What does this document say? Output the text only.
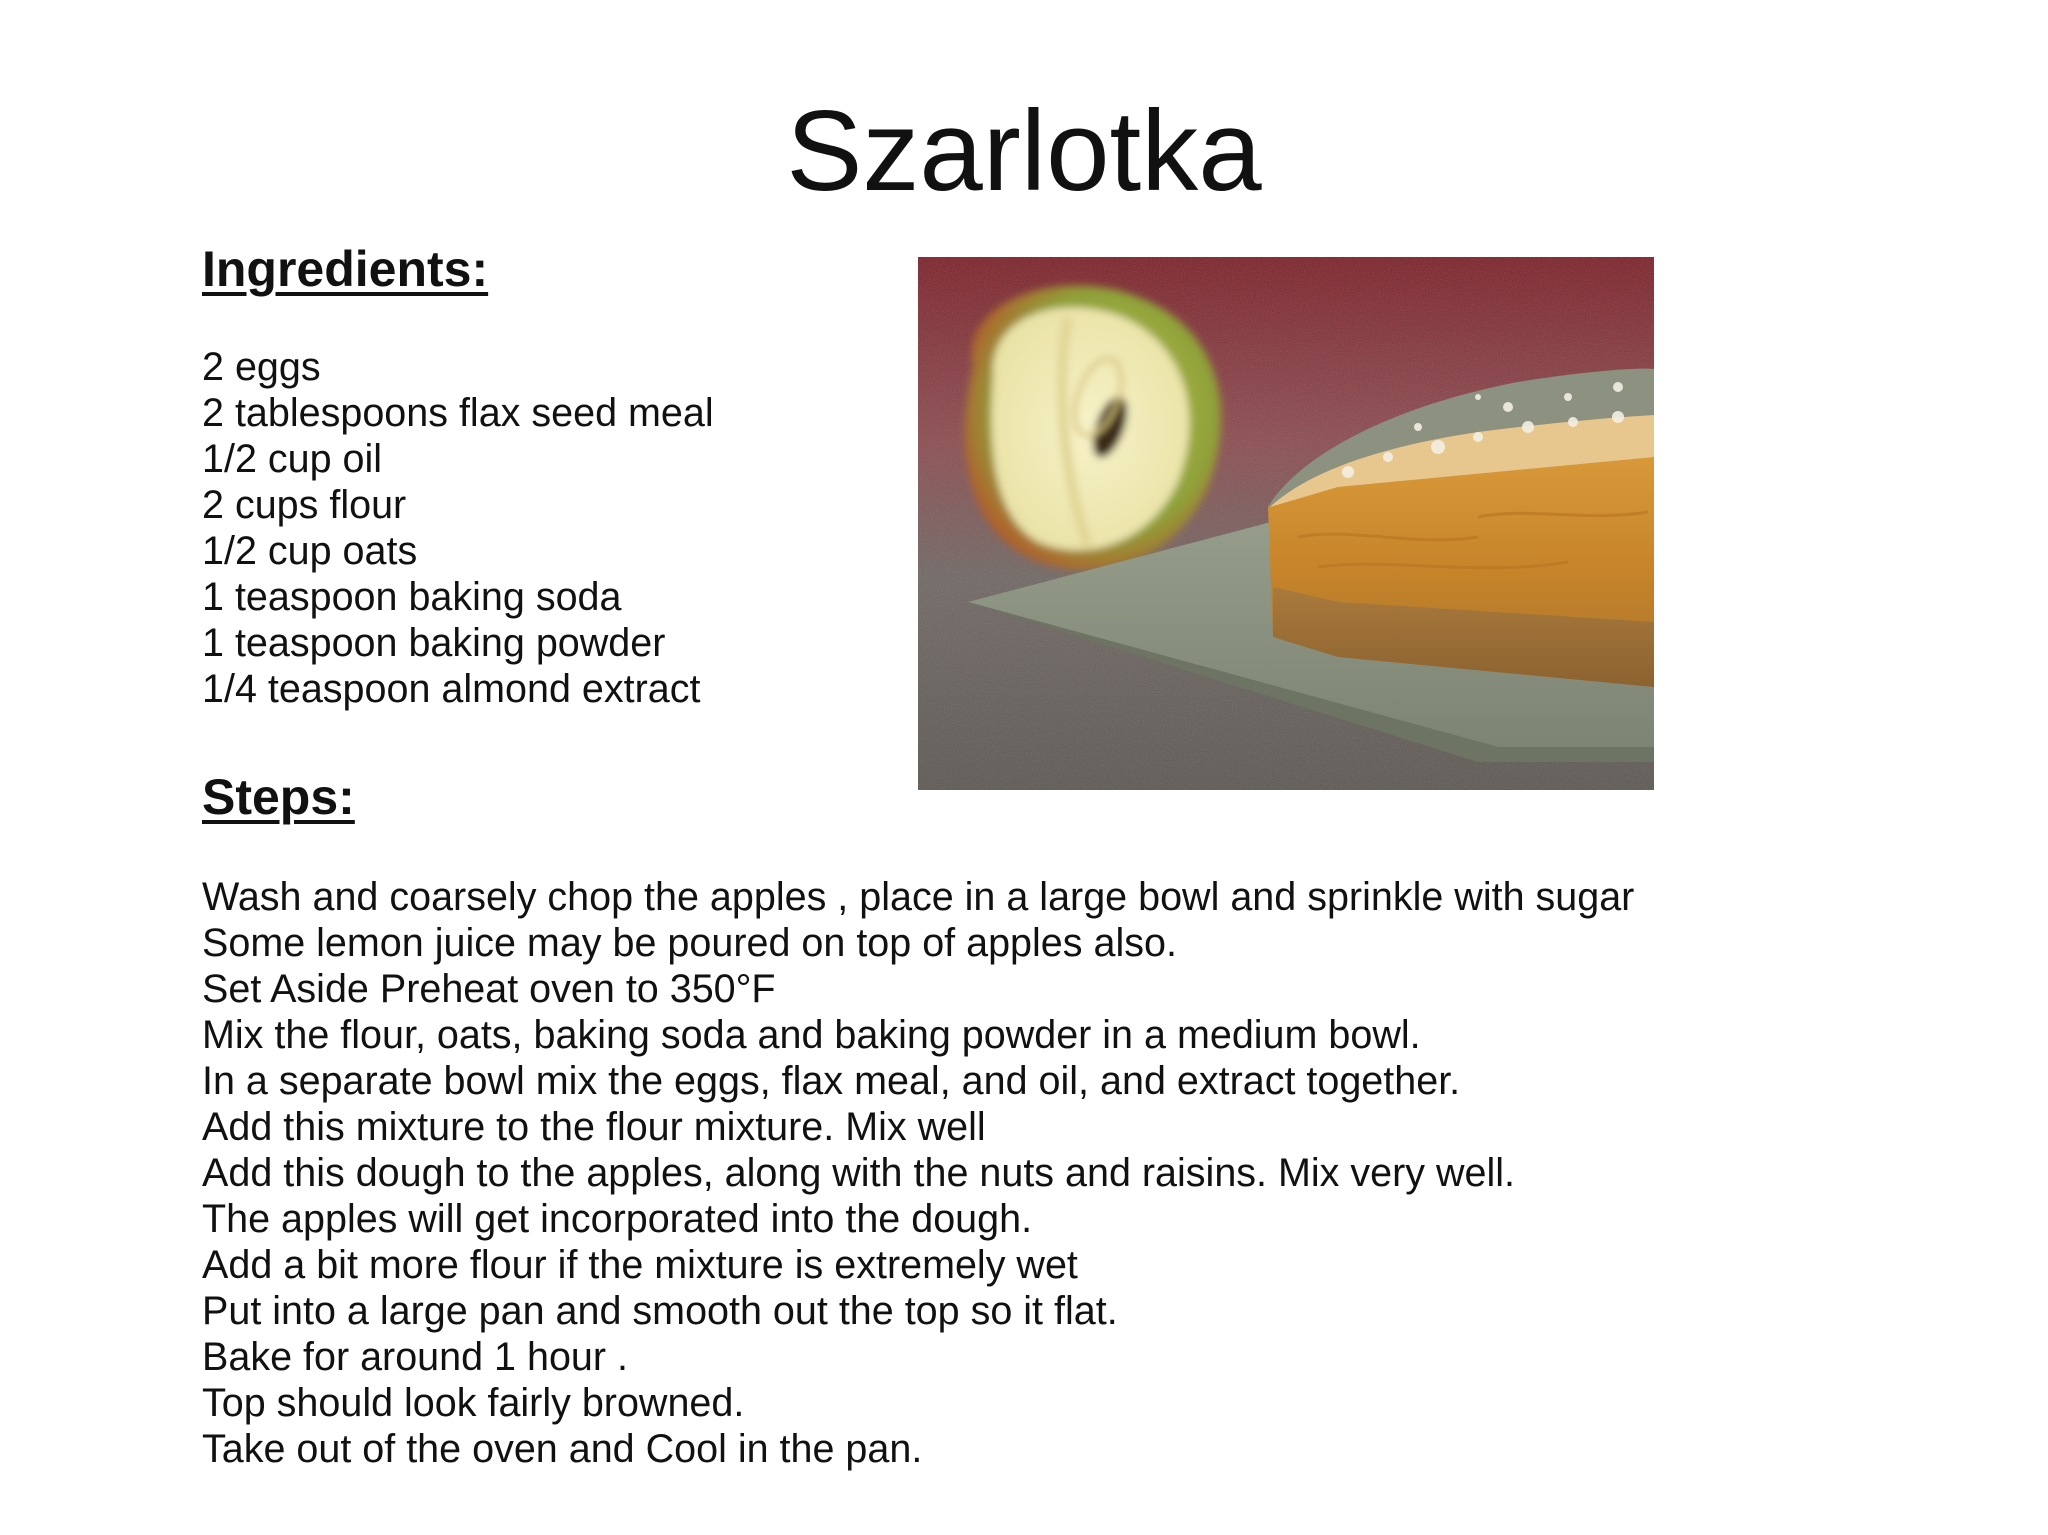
Szarlotka
Ingredients:
2 eggs
2 tablespoons flax seed meal
1/2 cup oil
2 cups flour
1/2 cup oats
1 teaspoon baking soda
1 teaspoon baking powder
1/4 teaspoon almond extract
Steps:
Wash and coarsely chop the apples , place in a large bowl and sprinkle with sugar
Some lemon juice may be poured on top of apples also.
Set Aside Preheat oven to 350°F
Mix the flour, oats, baking soda and baking powder in a medium bowl.
In a separate bowl mix the eggs, flax meal, and oil, and extract together.
Add this mixture to the flour mixture. Mix well
Add this dough to the apples, along with the nuts and raisins. Mix very well.
The apples will get incorporated into the dough.
Add a bit more flour if the mixture is extremely wet
Put into a large pan and smooth out the top so it flat.
Bake for around 1 hour .
Top should look fairly browned.
Take out of the oven and Cool in the pan.
